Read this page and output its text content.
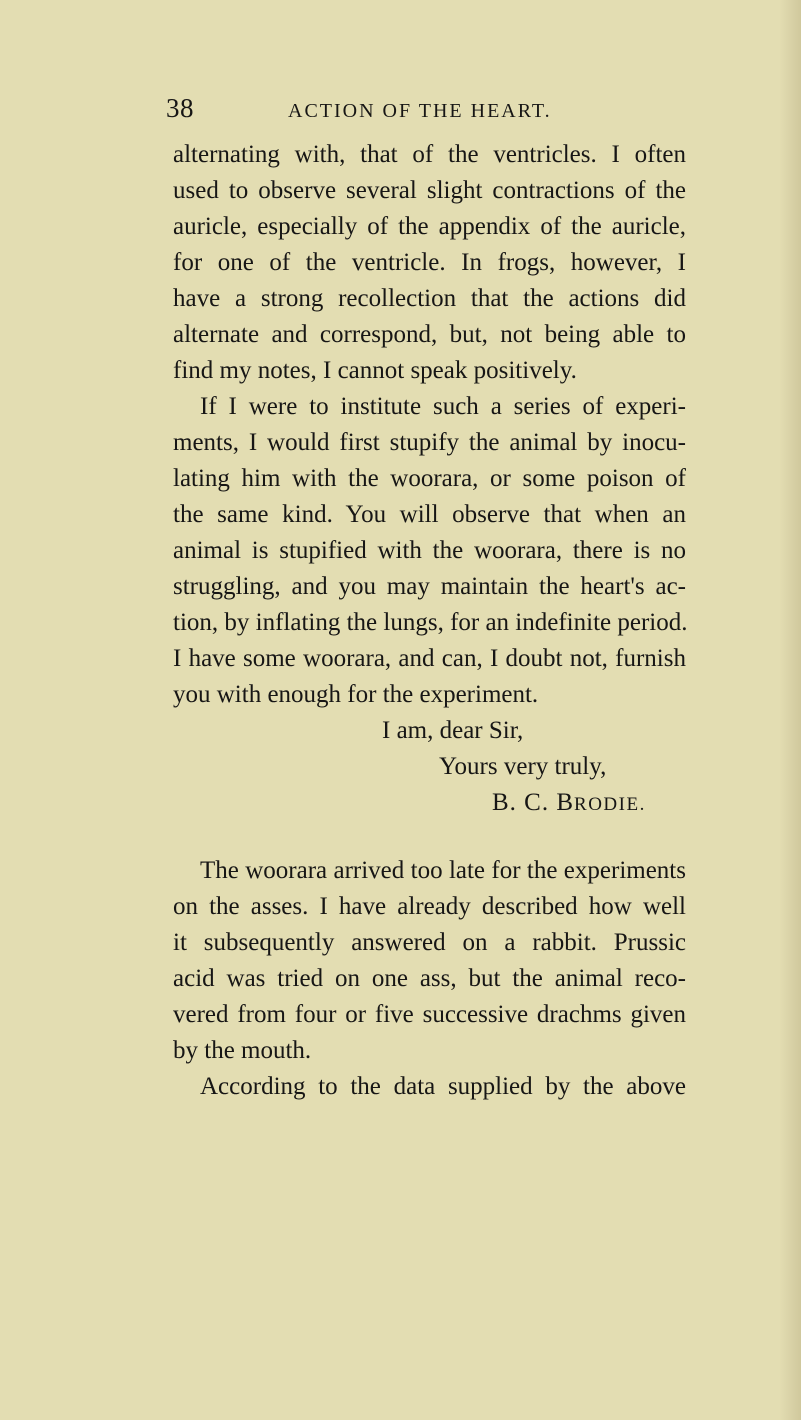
38	ACTION OF THE HEART.
alternating with, that of the ventricles. I often
used to observe several slight contractions of the
auricle, especially of the appendix of the auricle,
for one of the ventricle. In frogs, however, I
have a strong recollection that the actions did
alternate and correspond, but, not being able to
find my notes, I cannot speak positively.
If I were to institute such a series of experi-
ments, I would first stupify the animal by inocu-
lating him with the woorara, or some poison of
the same kind. You will observe that when an
animal is stupified with the woorara, there is no
struggling, and you may maintain the heart's ac-
tion, by inflating the lungs, for an indefinite period.
I have some woorara, and can, I doubt not, furnish
you with enough for the experiment.
I am, dear Sir,
Yours very truly,
B. C. BRODIE.
The woorara arrived too late for the experiments
on the asses. I have already described how well
it subsequently answered on a rabbit. Prussic
acid was tried on one ass, but the animal reco-
vered from four or five successive drachms given
by the mouth.
According to the data supplied by the above
